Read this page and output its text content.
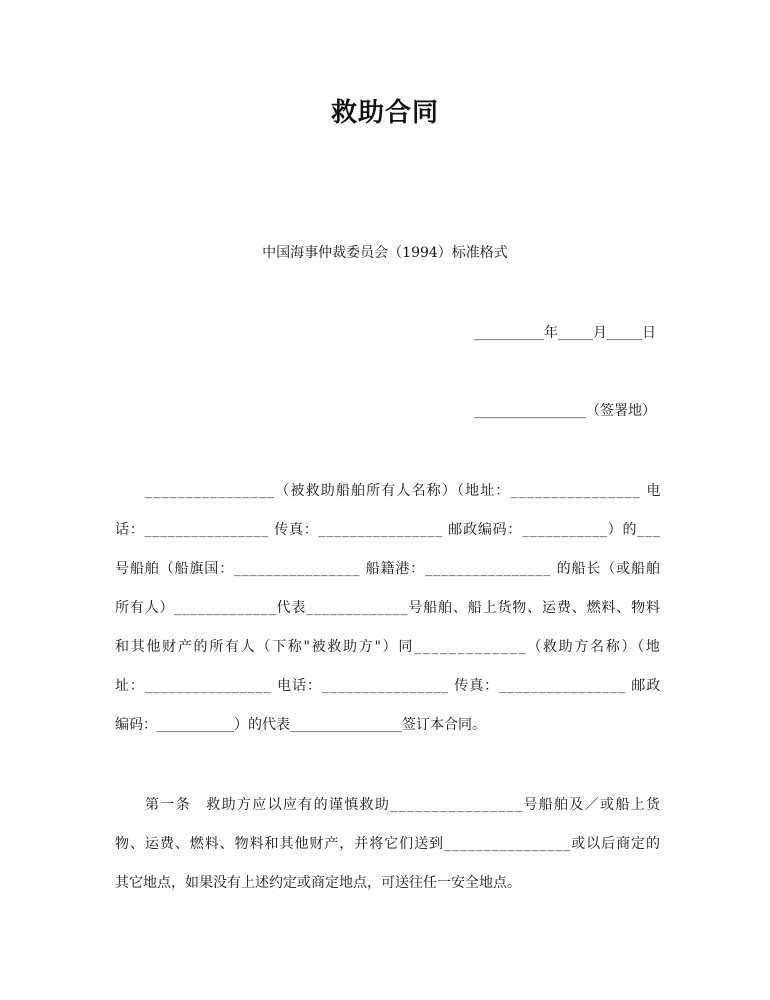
救助合同
中国海事仲裁委员会（1994）标准格式
__________年_____月_____日
________________（签署地）
________________（被救助船舶所有人名称）（地址：________________ 电
话：________________ 传真：________________ 邮政编码：___________）的___
号船舶（船旗国：________________ 船籍港：________________ 的船长（或船舶
所有人）_____________代表_____________号船舶、船上货物、运费、燃料、物料
和其他财产的所有人（下称"被救助方"）同_____________（救助方名称）（地
址：________________ 电话：________________ 传真：________________ 邮政
编码：___________）的代表________________签订本合同。
第一条　救助方应以应有的谨慎救助________________号船舶及／或船上货
物、运费、燃料、物料和其他财产，并将它们送到________________或以后商定的
其它地点，如果没有上述约定或商定地点，可送往任一安全地点。
